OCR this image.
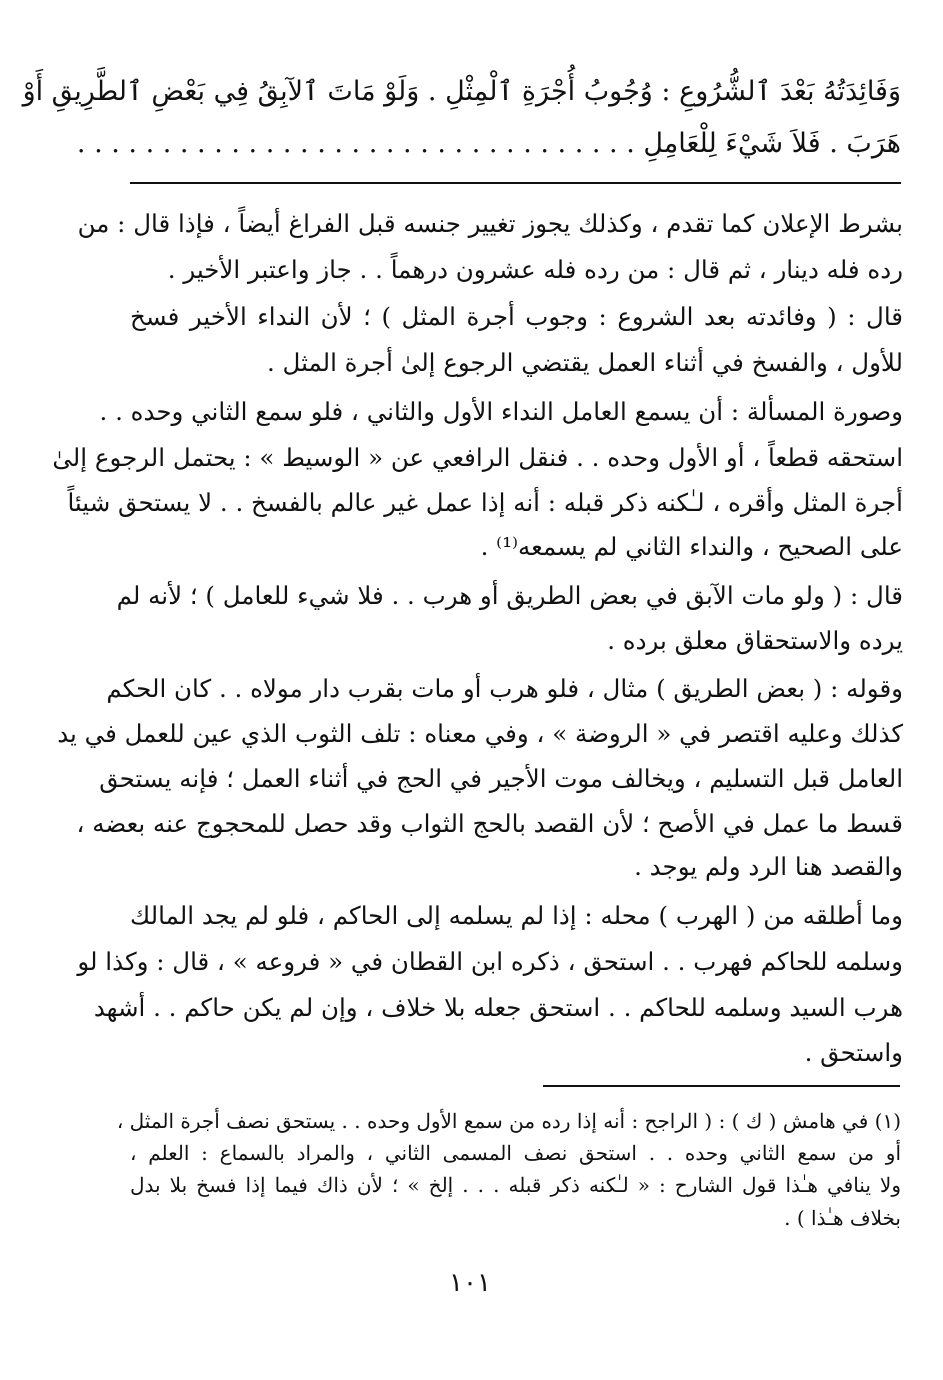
وَفَائِدَتُهُ بَعْدَ ٱلشُّرُوعِ : وُجُوبُ أُجْرَةِ ٱلْمِثْلِ . وَلَوْ مَاتَ ٱلآبِقُ فِي بَعْضِ ٱلطَّرِيقِ أَوْ
هَرَبَ . فَلاَ شَيْءَ لِلْعَامِلِ . . . . . . . . . . . . . . . . . . . . . . . . . . . . . . . . .
بشرط الإعلان كما تقدم ، وكذلك يجوز تغيير جنسه قبل الفراغ أيضاً ، فإذا قال : من
رده فله دينار ، ثم قال : من رده فله عشرون درهماً . . جاز واعتبر الأخير .
قال : ( وفائدته بعد الشروع : وجوب أجرة المثل ) ؛ لأن النداء الأخير فسخ
للأول ، والفسخ في أثناء العمل يقتضي الرجوع إلىٰ أجرة المثل .
وصورة المسألة : أن يسمع العامل النداء الأول والثاني ، فلو سمع الثاني وحده . .
استحقه قطعاً ، أو الأول وحده . . فنقل الرافعي عن « الوسيط » : يحتمل الرجوع إلىٰ
أجرة المثل وأقره ، لـٰكنه ذكر قبله : أنه إذا عمل غير عالم بالفسخ . . لا يستحق شيئاً
على الصحيح ، والنداء الثاني لم يسمعه⁽¹⁾ .
قال : ( ولو مات الآبق في بعض الطريق أو هرب . . فلا شيء للعامل ) ؛ لأنه لم
يرده والاستحقاق معلق برده .
وقوله : ( بعض الطريق ) مثال ، فلو هرب أو مات بقرب دار مولاه . . كان الحكم
كذلك وعليه اقتصر في « الروضة » ، وفي معناه : تلف الثوب الذي عين للعمل في يد
العامل قبل التسليم ، ويخالف موت الأجير في الحج في أثناء العمل ؛ فإنه يستحق
قسط ما عمل في الأصح ؛ لأن القصد بالحج الثواب وقد حصل للمحجوج عنه بعضه ،
والقصد هنا الرد ولم يوجد .
وما أطلقه من ( الهرب ) محله : إذا لم يسلمه إلى الحاكم ، فلو لم يجد المالك
وسلمه للحاكم فهرب . . استحق ، ذكره ابن القطان في « فروعه » ، قال : وكذا لو
هرب السيد وسلمه للحاكم . . استحق جعله بلا خلاف ، وإن لم يكن حاكم . . أشهد
واستحق .
(١) في هامش ( ك ) : ( الراجح : أنه إذا رده من سمع الأول وحده . . يستحق نصف أجرة المثل ،
أو من سمع الثاني وحده . . استحق نصف المسمى الثاني ، والمراد بالسماع : العلم ،
ولا ينافي هـٰذا قول الشارح : « لـٰكنه ذكر قبله . . . إلخ » ؛ لأن ذاك فيما إذا فسخ بلا بدل
بخلاف هـٰذا ) .
١٠١
